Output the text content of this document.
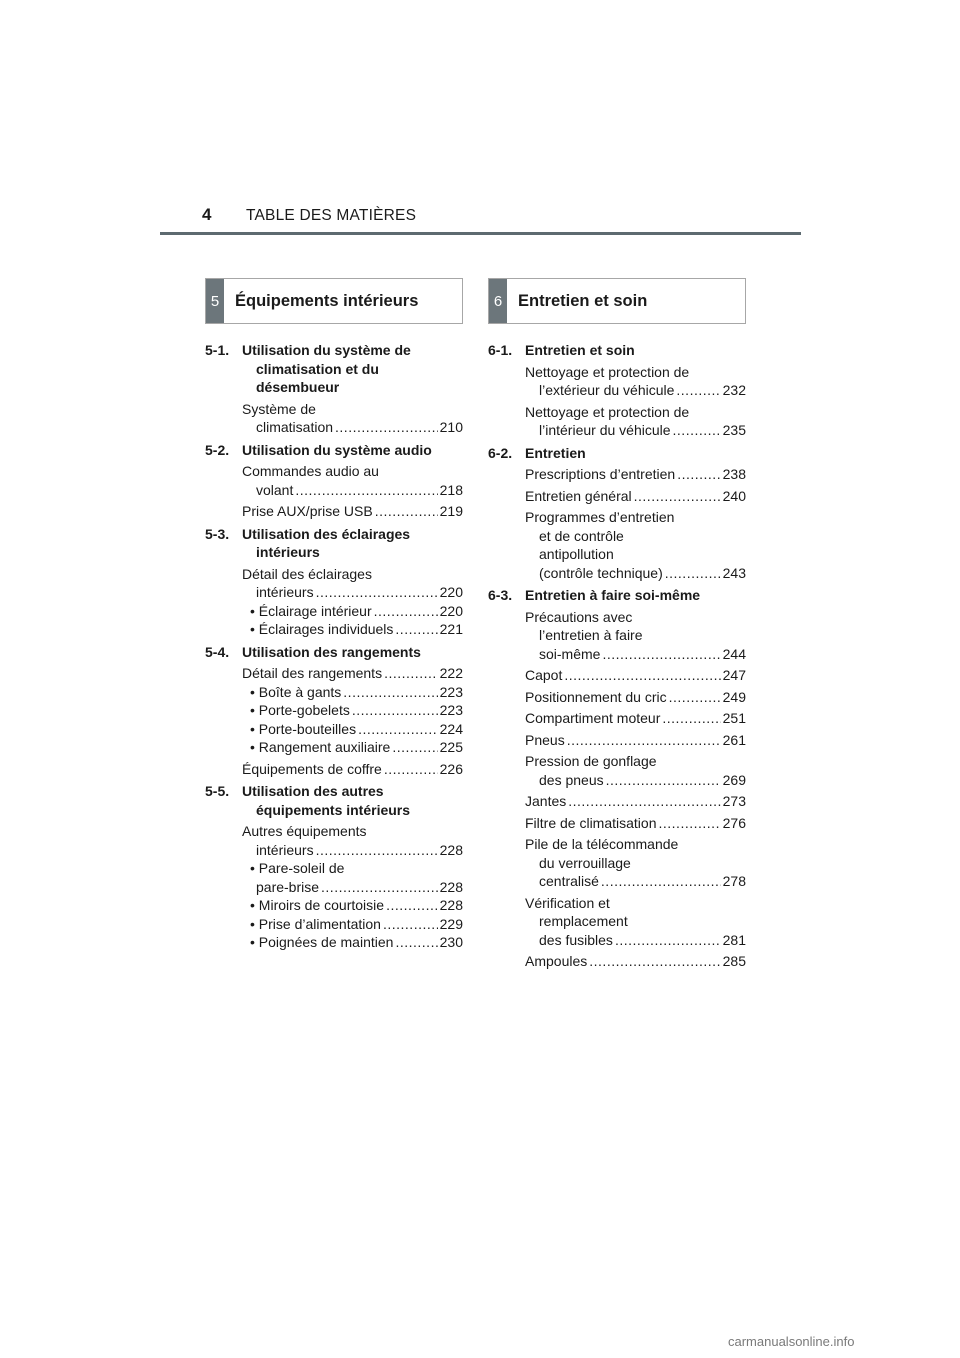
4 TABLE DES MATIÈRES
5 Équipements intérieurs
5-1. Utilisation du système de
climatisation et du
désembueur
Système de
climatisation .....	210
5-2. Utilisation du système audio
Commandes audio au
volant .....	218
Prise AUX/prise USB .....	219
5-3. Utilisation des éclairages
intérieurs
Détail des éclairages
intérieurs .....	220
• Éclairage intérieur .....	220
• Éclairages individuels .....	221
5-4. Utilisation des rangements
Détail des rangements .....	222
• Boîte à gants .....	223
• Porte-gobelets .....	223
• Porte-bouteilles .....	224
• Rangement auxiliaire .....	225
Équipements de coffre .....	226
5-5. Utilisation des autres
équipements intérieurs
Autres équipements
intérieurs .....	228
• Pare-soleil de
pare-brise .....	228
• Miroirs de courtoisie .....	228
• Prise d’alimentation .....	229
• Poignées de maintien .....	230
6 Entretien et soin
6-1. Entretien et soin
Nettoyage et protection de
l’extérieur du véhicule .....	232
Nettoyage et protection de
l’intérieur du véhicule .....	235
6-2. Entretien
Prescriptions d’entretien .....	238
Entretien général .....	240
Programmes d’entretien
et de contrôle
antipollution
(contrôle technique) .....	243
6-3. Entretien à faire soi-même
Précautions avec
l’entretien à faire
soi-même .....	244
Capot .....	247
Positionnement du cric .....	249
Compartiment moteur .....	251
Pneus .....	261
Pression de gonflage
des pneus .....	269
Jantes .....	273
Filtre de climatisation .....	276
Pile de la télécommande
du verrouillage
centralisé .....	278
Vérification et
remplacement
des fusibles .....	281
Ampoules .....	285
carmanualsonline.info
